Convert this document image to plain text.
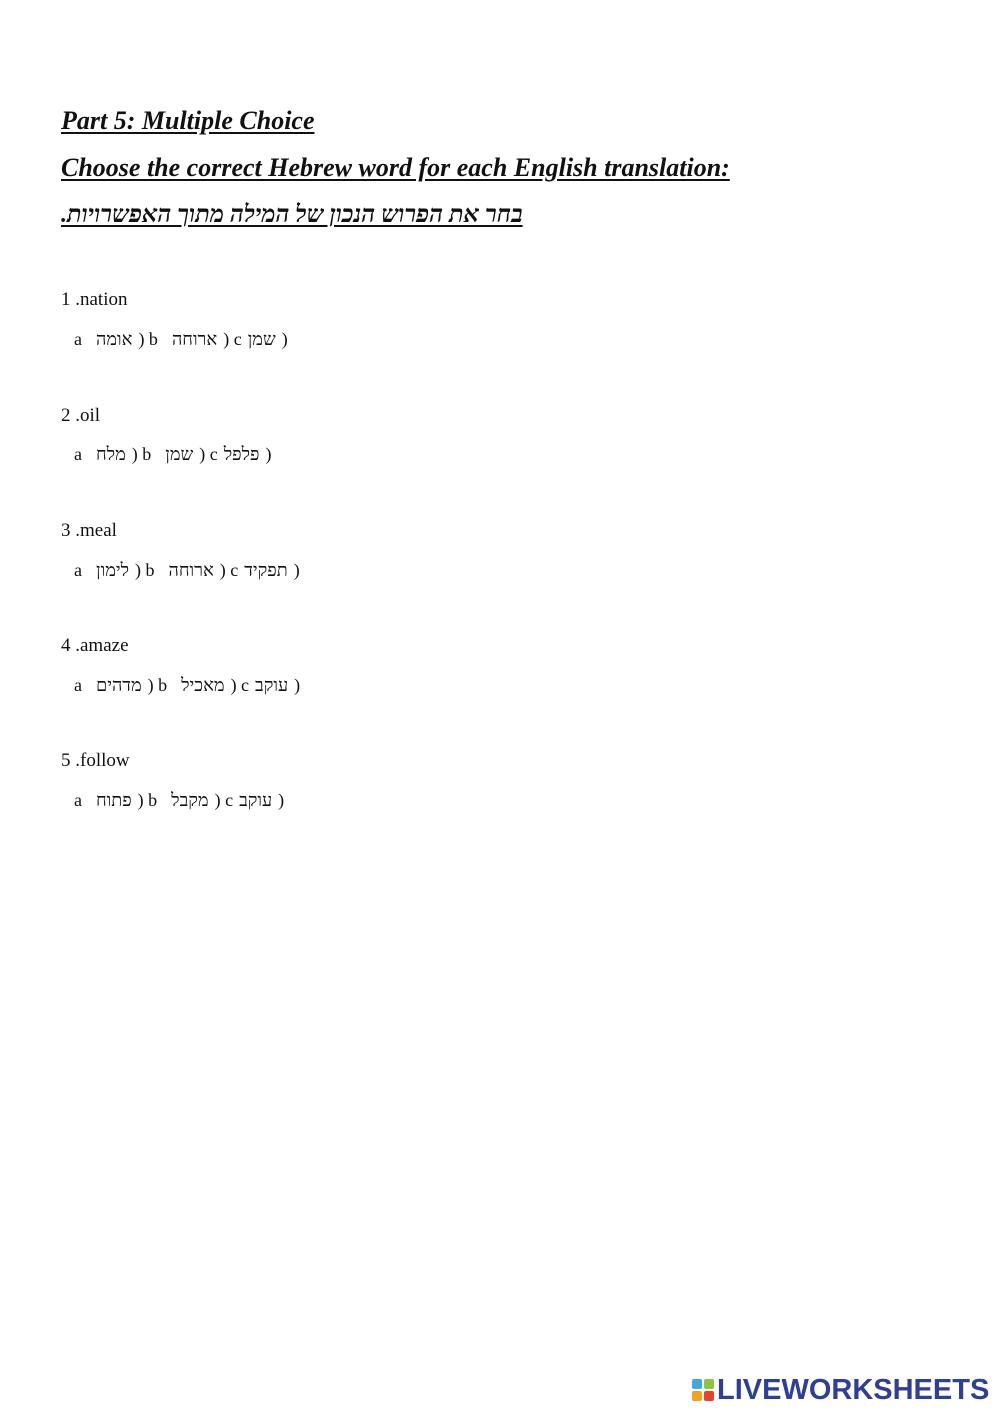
Part 5: Multiple Choice
Choose the correct Hebrew word for each English translation:
בחר את הפרוש הנכון של המילה מתוך האפשרויות.
1 .nation
a אומה ) b ארוחה ) c שמן )
2 .oil
a מלח ) b שמן ) c פלפל )
3 .meal
a לימון ) b ארוחה ) c תפקיד )
4 .amaze
a מדהים ) b מאכיל ) c עוקב )
5 .follow
a פתוח ) b מקבל ) c עוקב )
LIVEWORKSHEETS
